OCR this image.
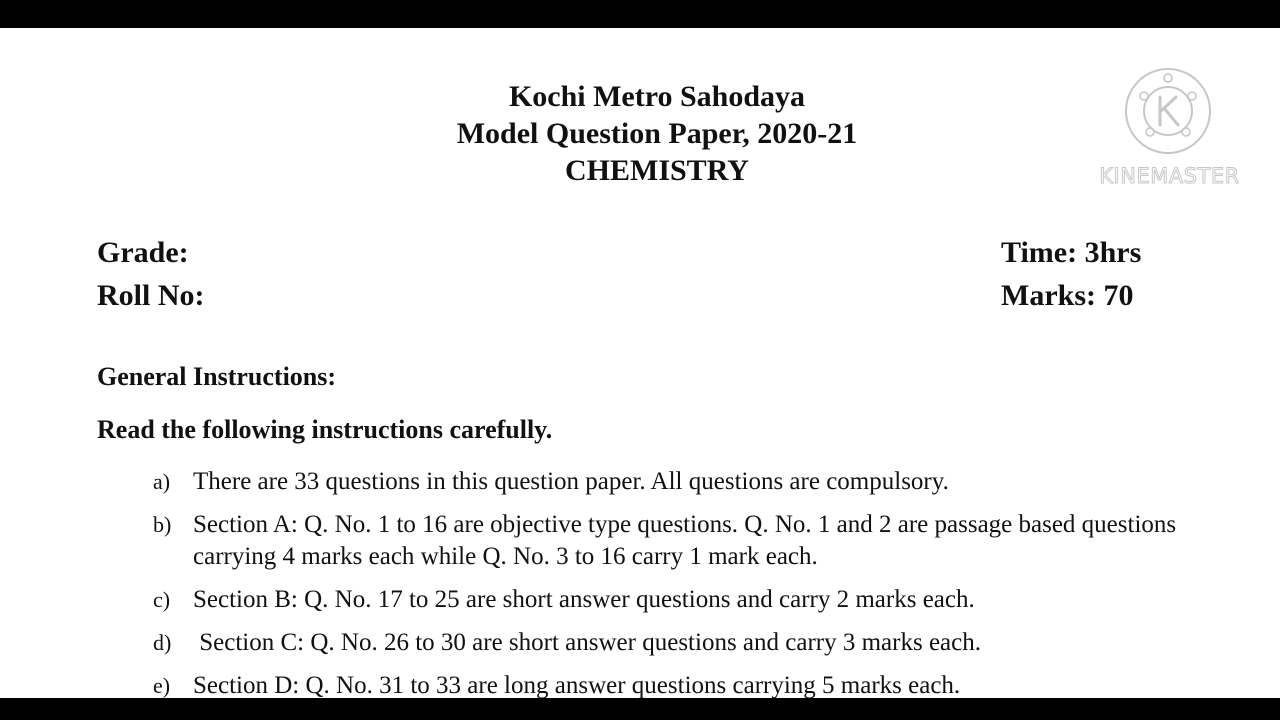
Kochi Metro Sahodaya
Model Question Paper, 2020-21
CHEMISTRY
Grade:
Roll No:
Time: 3hrs
Marks: 70
General Instructions:
Read the following instructions carefully.
a) There are 33 questions in this question paper. All questions are compulsory.
b) Section A: Q. No. 1 to 16 are objective type questions. Q. No. 1 and 2 are passage based questions carrying 4 marks each while Q. No. 3 to 16 carry 1 mark each.
c) Section B: Q. No. 17 to 25 are short answer questions and carry 2 marks each.
d) Section C: Q. No. 26 to 30 are short answer questions and carry 3 marks each.
e) Section D: Q. No. 31 to 33 are long answer questions carrying 5 marks each.
KINEMASTER
